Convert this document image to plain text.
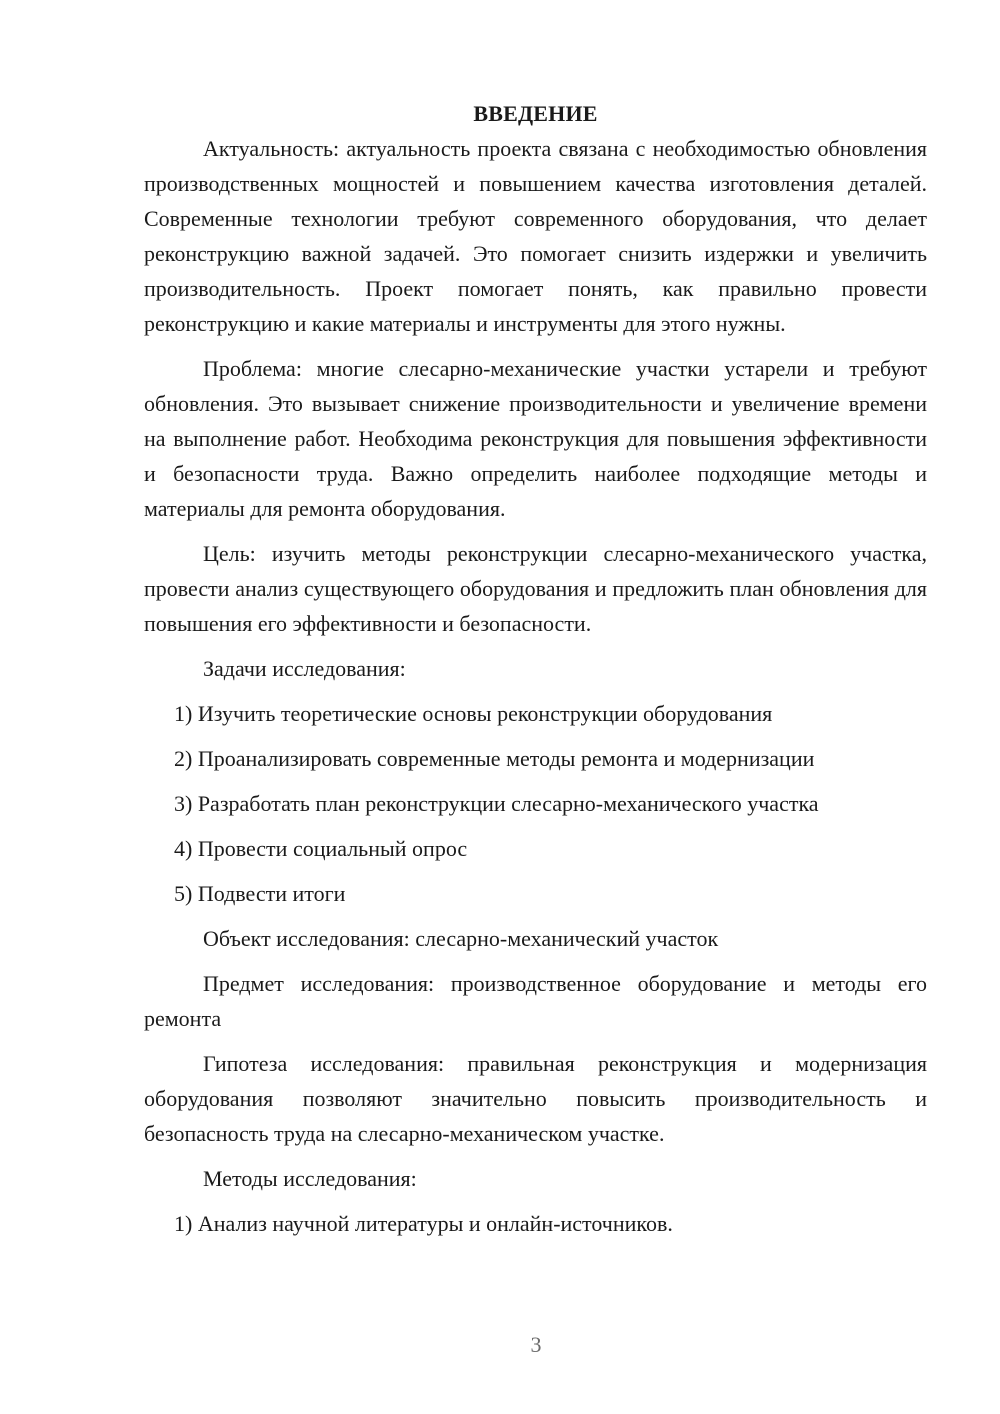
ВВЕДЕНИЕ

Актуальность: актуальность проекта связана с необходимостью обновления производственных мощностей и повышением качества изготовления деталей. Современные технологии требуют современного оборудования, что делает реконструкцию важной задачей. Это помогает снизить издержки и увеличить производительность. Проект помогает понять, как правильно провести реконструкцию и какие материалы и инструменты для этого нужны.

Проблема: многие слесарно-механические участки устарели и требуют обновления. Это вызывает снижение производительности и увеличение времени на выполнение работ. Необходима реконструкция для повышения эффективности и безопасности труда. Важно определить наиболее подходящие методы и материалы для ремонта оборудования.

Цель: изучить методы реконструкции слесарно-механического участка, провести анализ существующего оборудования и предложить план обновления для повышения его эффективности и безопасности.

Задачи исследования:

1) Изучить теоретические основы реконструкции оборудования
2) Проанализировать современные методы ремонта и модернизации
3) Разработать план реконструкции слесарно-механического участка
4) Провести социальный опрос
5) Подвести итоги

Объект исследования: слесарно-механический участок

Предмет исследования: производственное оборудование и методы его ремонта

Гипотеза исследования: правильная реконструкция и модернизация оборудования позволяют значительно повысить производительность и безопасность труда на слесарно-механическом участке.

Методы исследования:

1) Анализ научной литературы и онлайн-источников.
3
